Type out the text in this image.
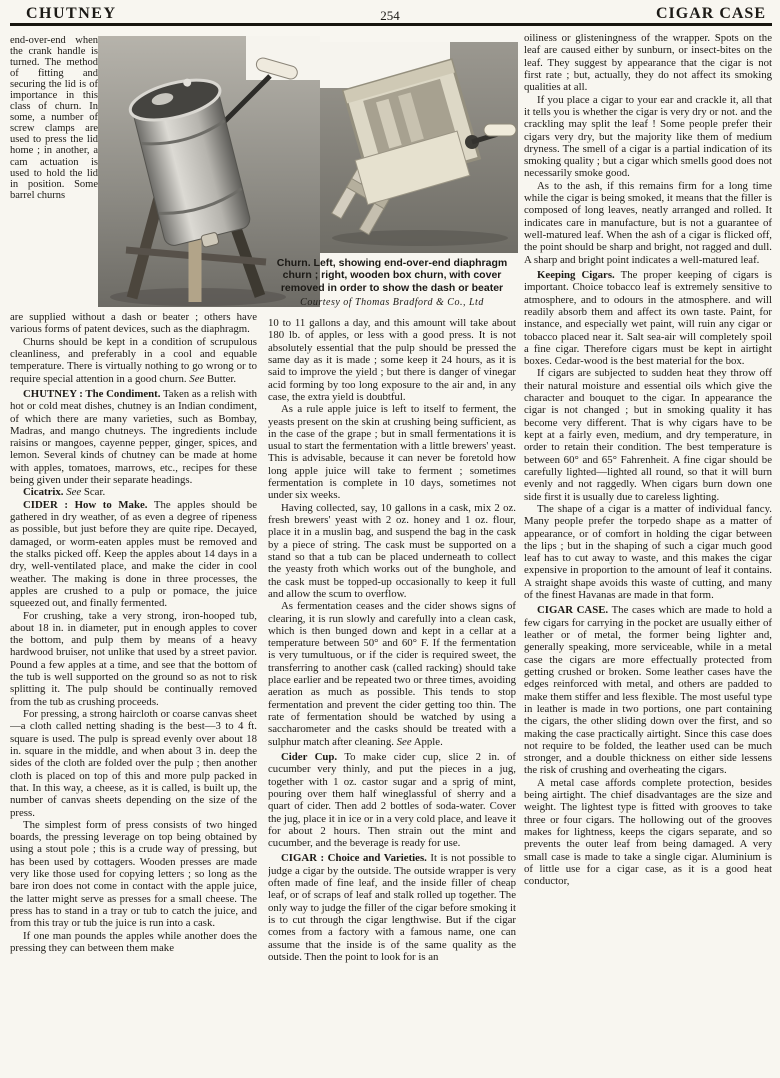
CHUTNEY	254	CIGAR CASE
Churn. Left, showing end-over-end diaphragm churn ; right, wooden box churn, with cover removed in order to show the dash or beater
Courtesy of Thomas Bradford & Co., Ltd
end-over-end when the crank handle is turned. The method of fitting and securing the lid is of importance in this class of churn. In some, a number of screw clamps are used to press the lid home ; in another, a cam actuation is used to hold the lid in position. Some barrel churns

are supplied without a dash or beater ; others have various forms of patent devices, such as the diaphragm.

Churns should be kept in a condition of scrupulous cleanliness, and preferably in a cool and equable temperature. There is virtually nothing to go wrong or to require special attention in a good churn. See Butter.

CHUTNEY : The Condiment. Taken as a relish with hot or cold meat dishes, chutney is an Indian condiment, of which there are many varieties, such as Bombay, Madras, and mango chutneys. The ingredients include raisins or mangoes, cayenne pepper, ginger, spices, and lemon. Several kinds of chutney can be made at home with apples, tomatoes, marrows, etc., recipes for these being given under their separate headings.

Cicatrix. See Scar.

CIDER : How to Make. The apples should be gathered in dry weather, of as even a degree of ripeness as possible, but just before they are quite ripe. Decayed, damaged, or worm-eaten apples must be removed and the stalks picked off. Keep the apples about 14 days in a dry, well-ventilated place, and make the cider in cool weather. The making is done in three processes, the apples are crushed to a pulp or pomace, the juice squeezed out, and finally fermented.

For crushing, take a very strong, iron-hooped tub, about 18 in. in diameter, put in enough apples to cover the bottom, and pulp them by means of a heavy hardwood bruiser, not unlike that used by a street pavior. Pound a few apples at a time, and see that the bottom of the tub is well supported on the ground so as not to risk splitting it. The pulp should be continually removed from the tub as crushing proceeds.

For pressing, a strong haircloth or coarse canvas sheet—a cloth called netting shading is the best—3 to 4 ft. square is used. The pulp is spread evenly over about 18 in. square in the middle, and when about 3 in. deep the sides of the cloth are folded over the pulp ; then another cloth is placed on top of this and more pulp packed in that. In this way, a cheese, as it is called, is built up, the number of canvas sheets depending on the size of the press.

The simplest form of press consists of two hinged boards, the pressing leverage on top being obtained by using a stout pole ; this is a crude way of pressing, but has been used by cottagers. Wooden presses are made very like those used for copying letters ; so long as the bare iron does not come in contact with the apple juice, the latter might serve as presses for a small cheese. The press has to stand in a tray or tub to catch the juice, and from this tray or tub the juice is run into a cask.

If one man pounds the apples while another does the pressing they can between them make

10 to 11 gallons a day, and this amount will take about 180 lb. of apples, or less with a good press. It is not absolutely essential that the pulp should be pressed the same day as it is made ; some keep it 24 hours, as it is said to improve the yield ; but there is danger of vinegar acid forming by too long exposure to the air and, in any case, the extra yield is doubtful.

As a rule apple juice is left to itself to ferment, the yeasts present on the skin at crushing being sufficient, as in the case of the grape ; but in small fermentations it is usual to start the fermentation with a little brewers' yeast. This is advisable, because it can never be foretold how long apple juice will take to ferment ; sometimes fermentation is complete in 10 days, sometimes not under six weeks.

Having collected, say, 10 gallons in a cask, mix 2 oz. fresh brewers' yeast with 2 oz. honey and 1 oz. flour, place it in a muslin bag, and suspend the bag in the cask by a piece of string. The cask must be supported on a stand so that a tub can be placed underneath to collect the yeasty froth which works out of the bunghole, and the cask must be topped-up occasionally to keep it full and allow the scum to overflow.

As fermentation ceases and the cider shows signs of clearing, it is run slowly and carefully into a clean cask, which is then bunged down and kept in a cellar at a temperature between 50° and 60° F. If the fermentation is very tumultuous, or if the cider is required sweet, the transferring to another cask (called racking) should take place earlier and be repeated two or three times, avoiding aeration as much as possible. This tends to stop fermentation and prevent the cider getting too thin. The rate of fermentation should be watched by using a saccharometer and the casks should be treated with a sulphur match after cleaning. See Apple.

Cider Cup. To make cider cup, slice 2 in. of cucumber very thinly, and put the pieces in a jug, together with 1 oz. castor sugar and a sprig of mint, pouring over them half wineglassful of sherry and a quart of cider. Then add 2 bottles of soda-water. Cover the jug, place it in ice or in a very cold place, and leave it for about 2 hours. Then strain out the mint and cucumber, and the beverage is ready for use.

CIGAR : Choice and Varieties. It is not possible to judge a cigar by the outside. The outside wrapper is very often made of fine leaf, and the inside filler of cheap leaf, or of scraps of leaf and stalk rolled up together. The only way to judge the filler of the cigar before smoking it is to cut through the cigar lengthwise. But if the cigar comes from a factory with a famous name, one can assume that the inside is of the same quality as the outside. Then the point to look for is an

oiliness or glisteningness of the wrapper. Spots on the leaf are caused either by sunburn, or insect-bites on the leaf. They suggest by appearance that the cigar is not first rate ; but, actually, they do not affect its smoking qualities at all.

If you place a cigar to your ear and crackle it, all that it tells you is whether the cigar is very dry or not. and the crackling may split the leaf ! Some people prefer their cigars very dry, but the majority like them of medium dryness. The smell of a cigar is a partial indication of its smoking quality ; but a cigar which smells good does not necessarily smoke good.

As to the ash, if this remains firm for a long time while the cigar is being smoked, it means that the filler is composed of long leaves, neatly arranged and rolled. It indicates care in manufacture, but is not a guarantee of well-matured leaf. When the ash of a cigar is flicked off, the point should be sharp and bright, not ragged and dull. A sharp and bright point indicates a well-matured leaf.

Keeping Cigars. The proper keeping of cigars is important. Choice tobacco leaf is extremely sensitive to atmosphere, and to odours in the atmosphere. and will readily absorb them and affect its own taste. Paint, for instance, and especially wet paint, will ruin any cigar or tobacco placed near it. Salt sea-air will completely spoil a fine cigar. Therefore cigars must be kept in airtight boxes. Cedar-wood is the best material for the box.

If cigars are subjected to sudden heat they throw off their natural moisture and essential oils which give the character and bouquet to the cigar. In appearance the cigar is not changed ; but in smoking quality it has become very different. That is why cigars have to be kept at a fairly even, medium, and dry temperature, in order to retain their condition. The best temperature is between 60° and 65° Fahrenheit. A fine cigar should be carefully lighted—lighted all round, so that it will burn evenly and not raggedly. When cigars burn down one side first it is usually due to careless lighting.

The shape of a cigar is a matter of individual fancy. Many people prefer the torpedo shape as a matter of appearance, or of comfort in holding the cigar between the lips ; but in the shaping of such a cigar much good leaf has to cut away to waste, and this makes the cigar expensive in proportion to the amount of leaf it contains. A straight shape avoids this waste of cutting, and many of the finest Havanas are made in that form.

CIGAR CASE. The cases which are made to hold a few cigars for carrying in the pocket are usually either of leather or of metal, the former being lighter and, generally speaking, more serviceable, while in a metal case the cigars are more effectually protected from getting crushed or broken. Some leather cases have the edges reinforced with metal, and others are padded to make them stiffer and less flexible. The most useful type in leather is made in two portions, one part containing the cigars, the other sliding down over the first, and so making the case practically airtight. Since this case does not require to be folded, the leather used can be much stronger, and a double thickness on either side lessens the risk of crushing and overheating the cigars.

A metal case affords complete protection, besides being airtight. The chief disadvantages are the size and weight. The lightest type is fitted with grooves to take three or four cigars. The hollowing out of the grooves makes for lightness, keeps the cigars separate, and so prevents the outer leaf from being damaged. A very small case is made to take a single cigar. Aluminium is of little use for a cigar case, as it is a good heat conductor,
